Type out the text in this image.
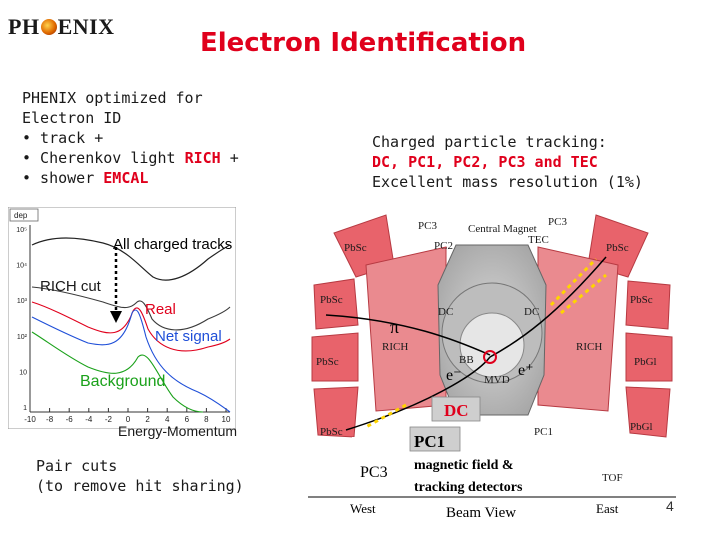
PH ENIX
Electron Identification
PHENIX optimized for
Electron ID
• track +
• Cherenkov light RICH +
• shower EMCAL
Charged particle tracking:
DC, PC1, PC2, PC3 and TEC
Excellent mass resolution (1%)
dep
10⁵
10⁴
10³
10²
10
1
-10 -8 -6 -4 -2 0 2 4 6 8 10
All charged tracks
RICH cut
Real
Net signal
Background
Energy-Momentum
Pair cuts
(to remove hit sharing)
PC3	Central Magnet
PC2
PC3
TEC
PbSc	PbSc
PbSc	PbSc
PbSc	PbGl
PbSc	PbGl
DC	DC
RICH	RICH
BB
MVD
PC1
TOF
π
e⁻	e⁺
DC
PC1
PC3 magnetic field &
tracking detectors
West	Beam View	East	4
